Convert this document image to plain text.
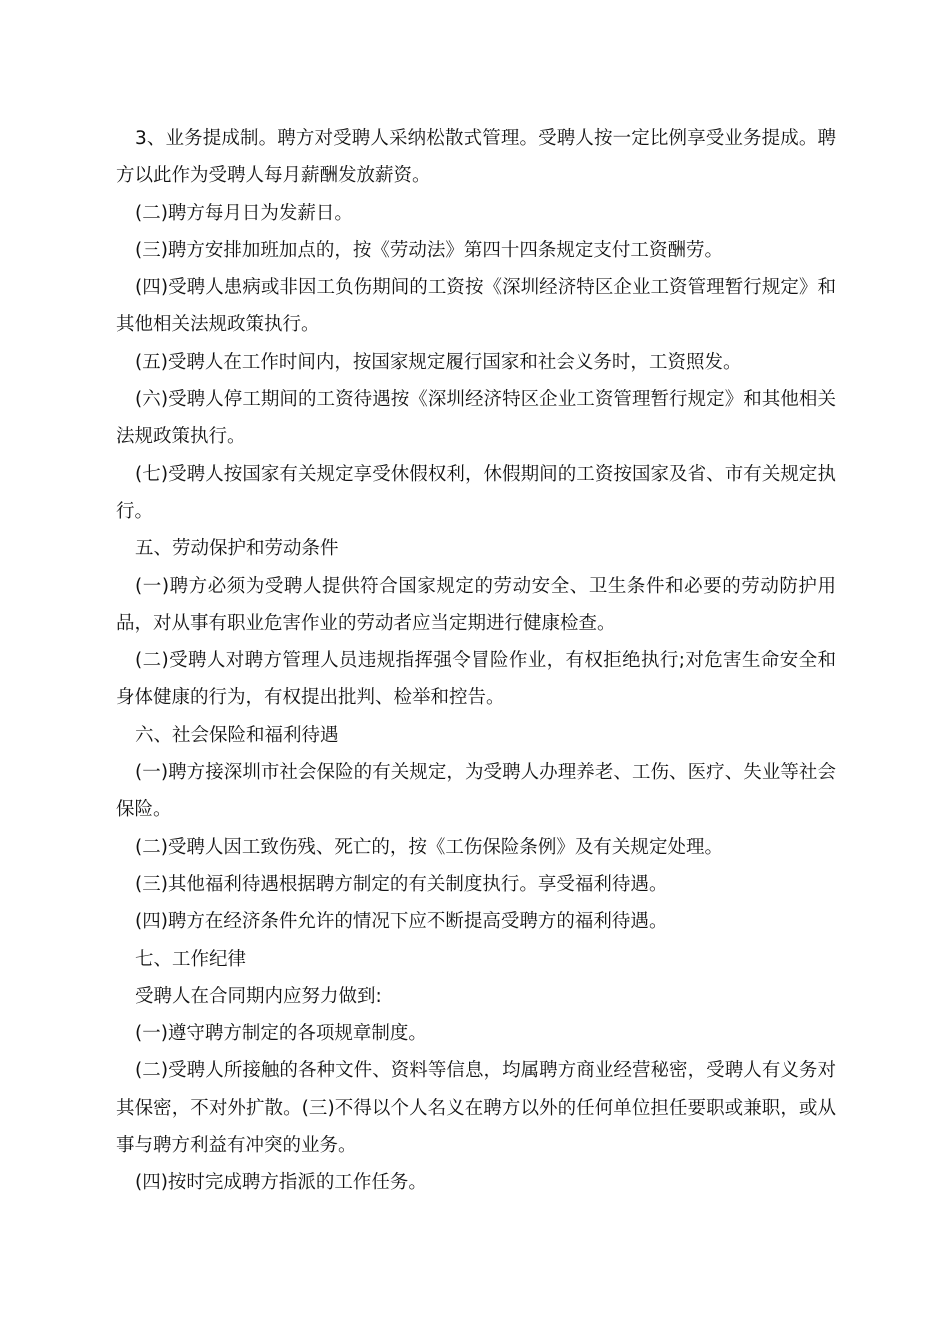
3、业务提成制。聘方对受聘人采纳松散式管理。受聘人按一定比例享受业务提成。聘方以此作为受聘人每月薪酬发放薪资。

(二)聘方每月日为发薪日。

(三)聘方安排加班加点的，按《劳动法》第四十四条规定支付工资酬劳。

(四)受聘人患病或非因工负伤期间的工资按《深圳经济特区企业工资管理暂行规定》和其他相关法规政策执行。

(五)受聘人在工作时间内，按国家规定履行国家和社会义务时，工资照发。

(六)受聘人停工期间的工资待遇按《深圳经济特区企业工资管理暂行规定》和其他相关法规政策执行。

(七)受聘人按国家有关规定享受休假权利，休假期间的工资按国家及省、市有关规定执行。

五、劳动保护和劳动条件

(一)聘方必须为受聘人提供符合国家规定的劳动安全、卫生条件和必要的劳动防护用品，对从事有职业危害作业的劳动者应当定期进行健康检查。

(二)受聘人对聘方管理人员违规指挥强令冒险作业，有权拒绝执行;对危害生命安全和身体健康的行为，有权提出批判、检举和控告。

六、社会保险和福利待遇

(一)聘方接深圳市社会保险的有关规定，为受聘人办理养老、工伤、医疗、失业等社会保险。

(二)受聘人因工致伤残、死亡的，按《工伤保险条例》及有关规定处理。

(三)其他福利待遇根据聘方制定的有关制度执行。享受福利待遇。

(四)聘方在经济条件允许的情况下应不断提高受聘方的福利待遇。

七、工作纪律

受聘人在合同期内应努力做到:

(一)遵守聘方制定的各项规章制度。

(二)受聘人所接触的各种文件、资料等信息，均属聘方商业经营秘密，受聘人有义务对其保密，不对外扩散。(三)不得以个人名义在聘方以外的任何单位担任要职或兼职，或从事与聘方利益有冲突的业务。

(四)按时完成聘方指派的工作任务。
